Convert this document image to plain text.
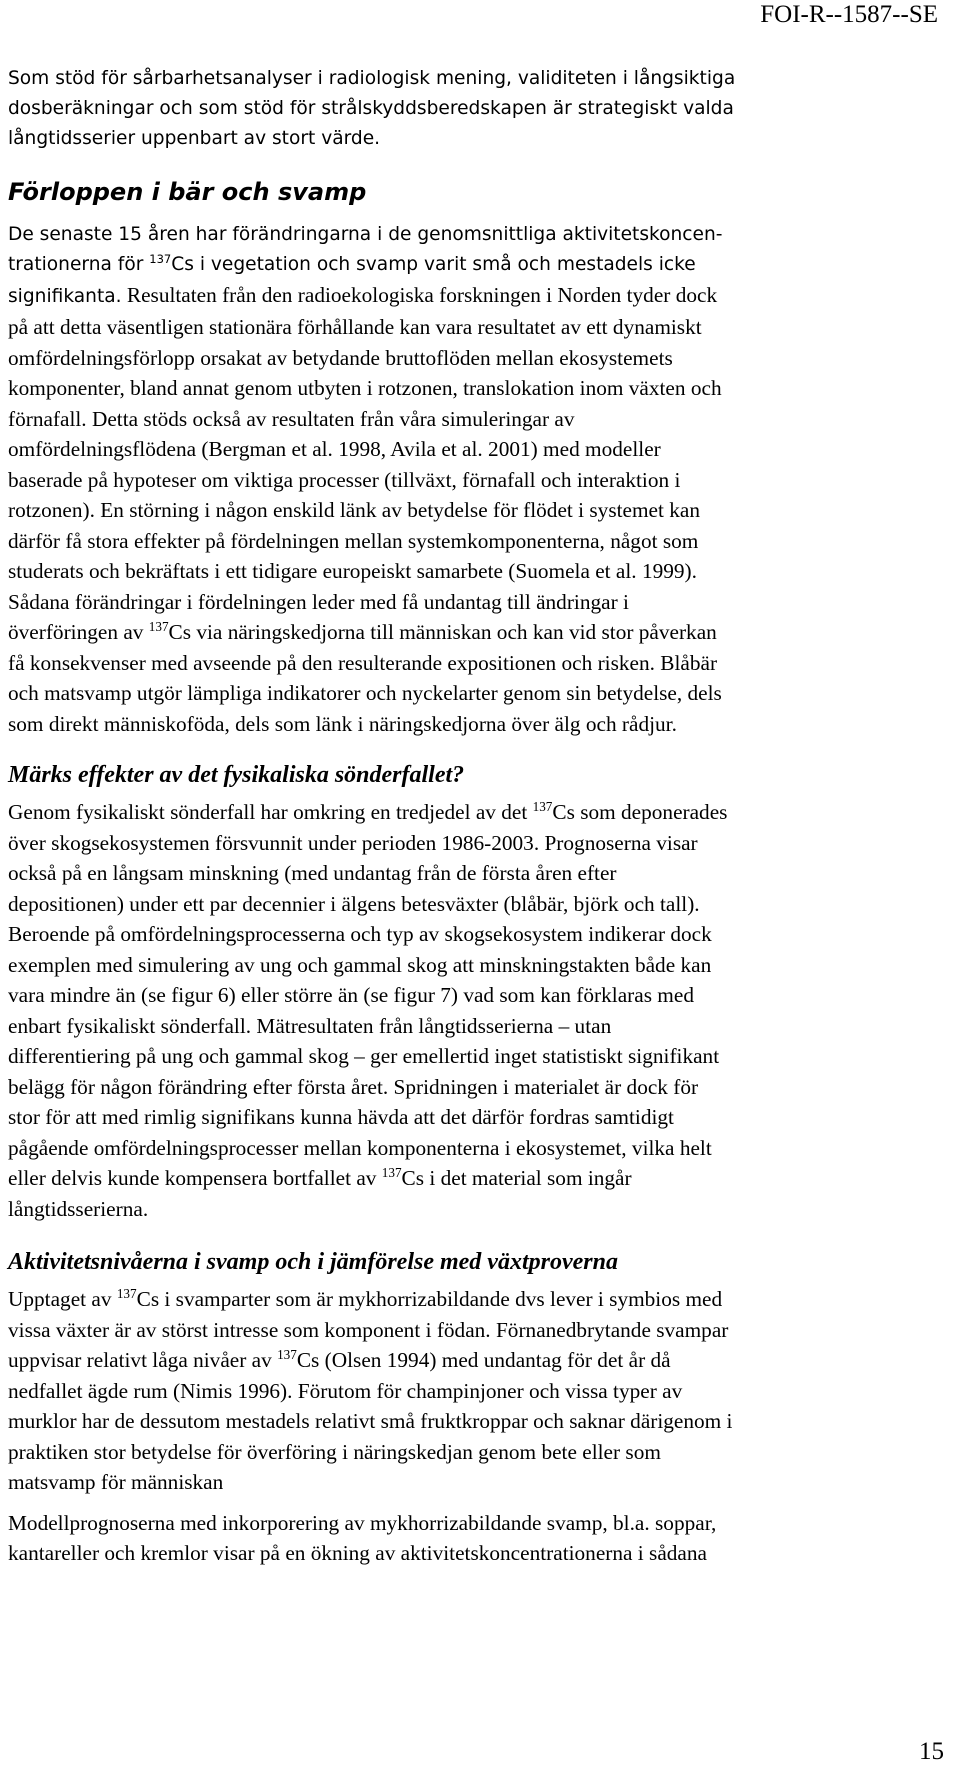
FOI-R--1587--SE

Som stöd för sårbarhetsanalyser i radiologisk mening, validiteten i långsiktiga
dosberäkningar och som stöd för strålskyddsberedskapen är strategiskt valda
långtidsserier uppenbart av stort värde.

Förloppen i bär och svamp
De senaste 15 åren har förändringarna i de genomsnittliga aktivitetskoncen-
trationerna för $^{137}$Cs i vegetation och svamp varit små och mestadels icke
signifikanta. Resultaten från den radioekologiska forskningen i Norden tyder dock
på att detta väsentligen stationära förhållande kan vara resultatet av ett dynamiskt
omfördelningsförlopp orsakat av betydande bruttoflöden mellan ekosystemets
komponenter, bland annat genom utbyten i rotzonen, translokation inom växten och
förnafall. Detta stöds också av resultaten från våra simuleringar av
omfördelningsflödena (Bergman et al. 1998, Avila et al. 2001) med modeller
baserade på hypoteser om viktiga processer (tillväxt, förnafall och interaktion i
rotzonen). En störning i någon enskild länk av betydelse för flödet i systemet kan
därför få stora effekter på fördelningen mellan systemkomponenterna, något som
studerats och bekräftats i ett tidigare europeiskt samarbete (Suomela et al. 1999).
Sådana förändringar i fördelningen leder med få undantag till ändringar i
överföringen av $^{137}$Cs via näringskedjorna till människan och kan vid stor påverkan
få konsekvenser med avseende på den resulterande expositionen och risken. Blåbär
och matsvamp utgör lämpliga indikatorer och nyckelarter genom sin betydelse, dels
som direkt människoföda, dels som länk i näringskedjorna över älg och rådjur.
Märks effekter av det fysikaliska sönderfallet?
Genom fysikaliskt sönderfall har omkring en tredjedel av det $^{137}$Cs som deponerades
över skogsekosystemen försvunnit under perioden 1986-2003. Prognoserna visar
också på en långsam minskning (med undantag från de första åren efter
depositionen) under ett par decennier i älgens betesväxter (blåbär, björk och tall).
Beroende på omfördelningsprocesserna och typ av skogsekosystem indikerar dock
exemplen med simulering av ung och gammal skog att minskningstakten både kan
vara mindre än (se figur 6) eller större än (se figur 7) vad som kan förklaras med
enbart fysikaliskt sönderfall. Mätresultaten från långtidsserierna – utan
differentiering på ung och gammal skog – ger emellertid inget statistiskt signifikant
belägg för någon förändring efter första året. Spridningen i materialet är dock för
stor för att med rimlig signifikans kunna hävda att det därför fordras samtidigt
pågående omfördelningsprocesser mellan komponenterna i ekosystemet, vilka helt
eller delvis kunde kompensera bortfallet av $^{137}$Cs i det material som ingår
långtidsserierna.
Aktivitetsnivåerna i svamp och i jämförelse med växtproverna
Upptaget av $^{137}$Cs i svamparter som är mykhorrizabildande dvs lever i symbios med
vissa växter är av störst intresse som komponent i födan. Förnanedbrytande svampar
uppvisar relativt låga nivåer av $^{137}$Cs (Olsen 1994) med undantag för det år då
nedfallet ägde rum (Nimis 1996). Förutom för champinjoner och vissa typer av
murklor har de dessutom mestadels relativt små fruktkroppar och saknar därigenom i
praktiken stor betydelse för överföring i näringskedjan genom bete eller som
matsvamp för människan
Modellprognoserna med inkorporering av mykhorrizabildande svamp, bl.a. soppar,
kantareller och kremlor visar på en ökning av aktivitetskoncentrationerna i sådana
15
